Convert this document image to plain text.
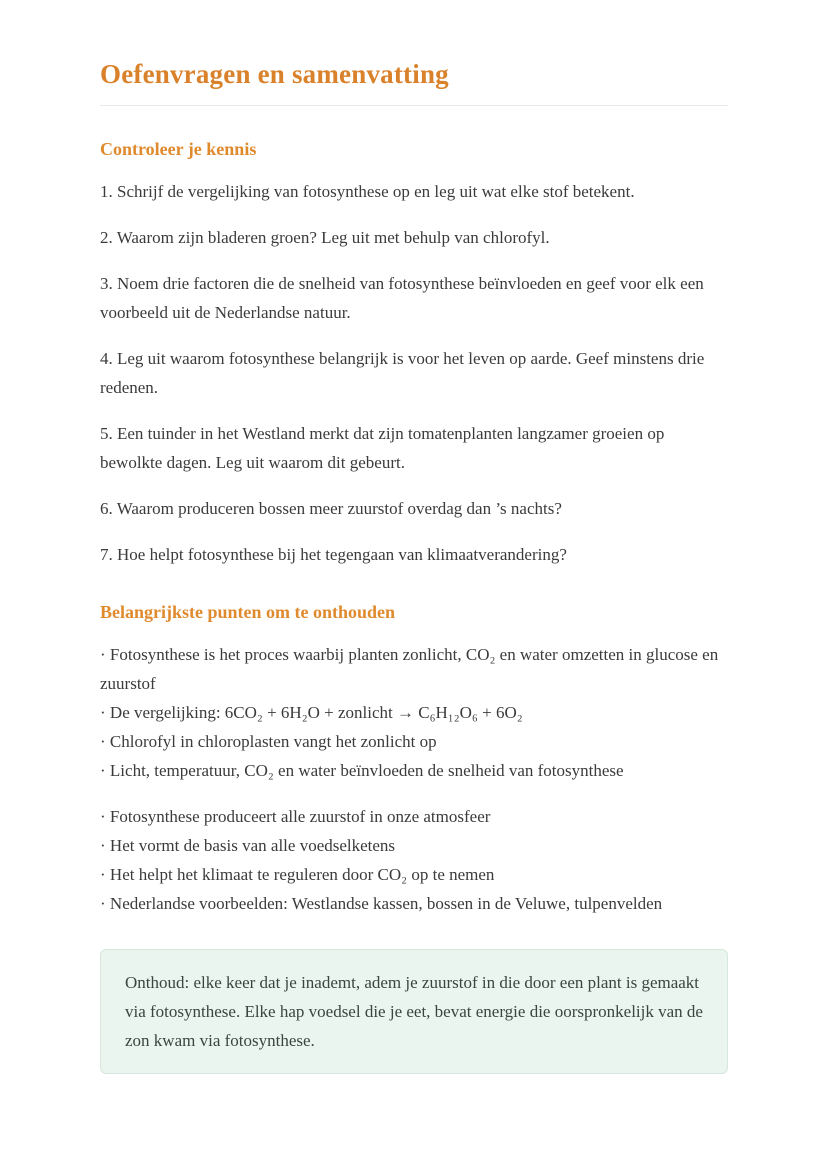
Oefenvragen en samenvatting
Controleer je kennis

1. Schrijf de vergelijking van fotosynthese op en leg uit wat elke stof betekent.

2. Waarom zijn bladeren groen? Leg uit met behulp van chlorofyl.

3. Noem drie factoren die de snelheid van fotosynthese beïnvloeden en geef voor elk een voorbeeld uit de Nederlandse natuur.

4. Leg uit waarom fotosynthese belangrijk is voor het leven op aarde. Geef minstens drie redenen.

5. Een tuinder in het Westland merkt dat zijn tomatenplanten langzamer groeien op bewolkte dagen. Leg uit waarom dit gebeurt.

6. Waarom produceren bossen meer zuurstof overdag dan ’s nachts?

7. Hoe helpt fotosynthese bij het tegengaan van klimaatverandering?

Belangrijkste punten om te onthouden

· Fotosynthese is het proces waarbij planten zonlicht, CO₂ en water omzetten in glucose en zuurstof

· De vergelijking: 6CO₂ + 6H₂O + zonlicht → C₆H₁₂O₆ + 6O₂

· Chlorofyl in chloroplasten vangt het zonlicht op

· Licht, temperatuur, CO₂ en water beïnvloeden de snelheid van fotosynthese

· Fotosynthese produceert alle zuurstof in onze atmosfeer

· Het vormt de basis van alle voedselketens

· Het helpt het klimaat te reguleren door CO₂ op te nemen

· Nederlandse voorbeelden: Westlandse kassen, bossen in de Veluwe, tulpenvelden

Onthoud: elke keer dat je inademt, adem je zuurstof in die door een plant is gemaakt via fotosynthese. Elke hap voedsel die je eet, bevat energie die oorspronkelijk van de zon kwam via fotosynthese.
